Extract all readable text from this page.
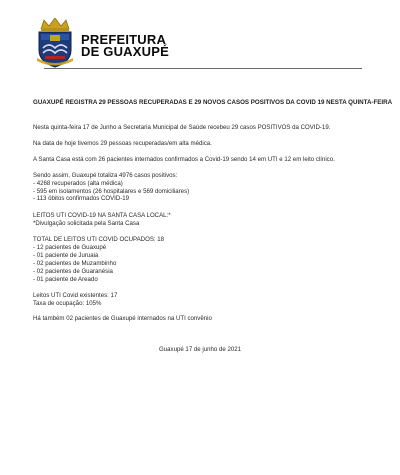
PREFEITURA
DE GUAXUPÉ
GUAXUPÉ REGISTRA 29 PESSOAS RECUPERADAS E 29 NOVOS CASOS POSITIVOS DA COVID 19 NESTA QUINTA-FEIRA

Nesta quinta-feira 17 de Junho a Secretaria Municipal de Saúde recebeu 29 casos POSITIVOS da COVID-19.

Na data de hoje tivemos 29 pessoas recuperadas/em alta médica.

A Santa Casa está com 26 pacientes internados confirmados a Covid-19 sendo 14 em UTI e 12 em leito clínico.

Sendo assim, Guaxupé totaliza 4976 casos positivos:

- 4268 recuperados (alta médica)

- 595 em isolamentos (26 hospitalares e 569 domiciliares)

- 113 óbitos confirmados COVID-19

LEITOS UTI COVID-19 NA SANTA CASA LOCAL:*

*Divulgação solicitada pela Santa Casa

TOTAL DE LEITOS UTI COVID OCUPADOS: 18

- 12 pacientes de Guaxupé

- 01 paciente de Juruaia

- 02 pacientes de Muzambinho

- 02 pacientes de Guaranésia

- 01 paciente de Areado

Leitos UTI Covid existentes: 17

Taxa de ocupação: 105%

Há também 02 pacientes de Guaxupé internados na UTI convênio

Guaxupé 17 de junho de 2021
